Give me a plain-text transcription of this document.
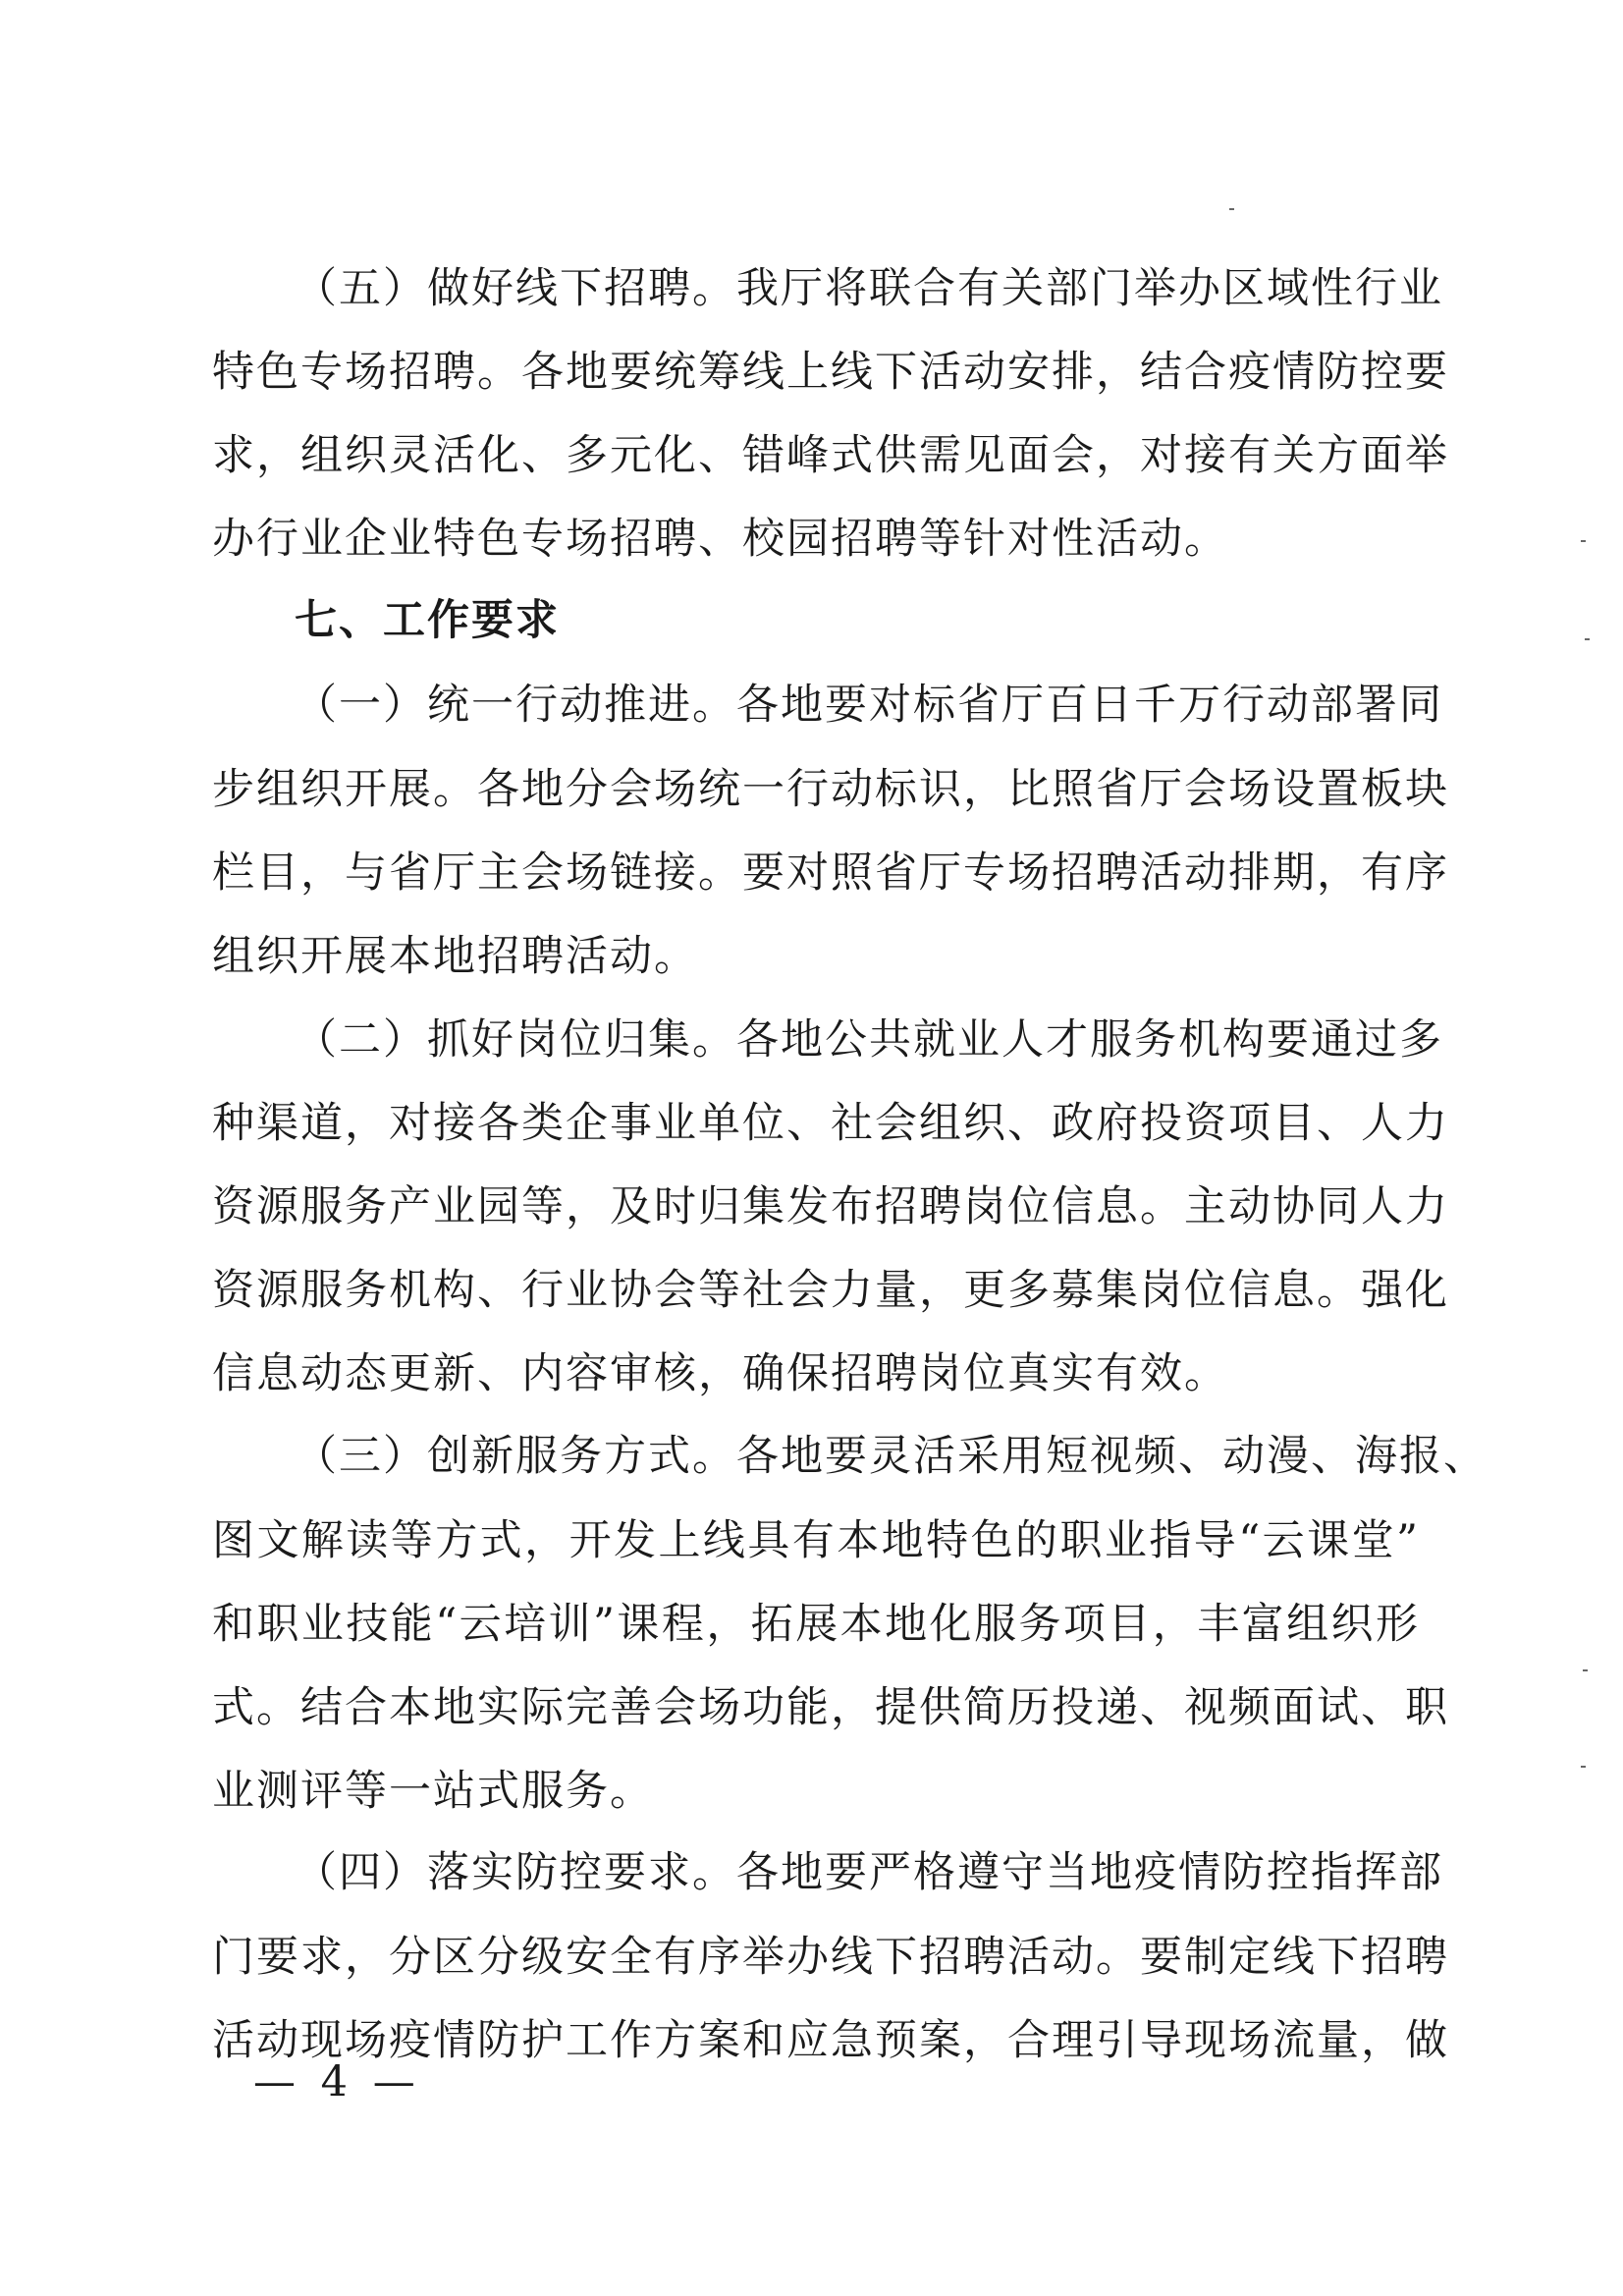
（五）做好线下招聘。我厅将联合有关部门举办区域性行业
特色专场招聘。各地要统筹线上线下活动安排，结合疫情防控要
求，组织灵活化、多元化、错峰式供需见面会，对接有关方面举
办行业企业特色专场招聘、校园招聘等针对性活动。
七、工作要求
（一）统一行动推进。各地要对标省厅百日千万行动部署同
步组织开展。各地分会场统一行动标识，比照省厅会场设置板块
栏目，与省厅主会场链接。要对照省厅专场招聘活动排期，有序
组织开展本地招聘活动。
（二）抓好岗位归集。各地公共就业人才服务机构要通过多
种渠道，对接各类企事业单位、社会组织、政府投资项目、人力
资源服务产业园等，及时归集发布招聘岗位信息。主动协同人力
资源服务机构、行业协会等社会力量，更多募集岗位信息。强化
信息动态更新、内容审核，确保招聘岗位真实有效。
（三）创新服务方式。各地要灵活采用短视频、动漫、海报、
图文解读等方式，开发上线具有本地特色的职业指导“云课堂”
和职业技能“云培训”课程，拓展本地化服务项目，丰富组织形
式。结合本地实际完善会场功能，提供简历投递、视频面试、职
业测评等一站式服务。
（四）落实防控要求。各地要严格遵守当地疫情防控指挥部
门要求，分区分级安全有序举办线下招聘活动。要制定线下招聘
活动现场疫情防护工作方案和应急预案，合理引导现场流量，做
— 4 —
